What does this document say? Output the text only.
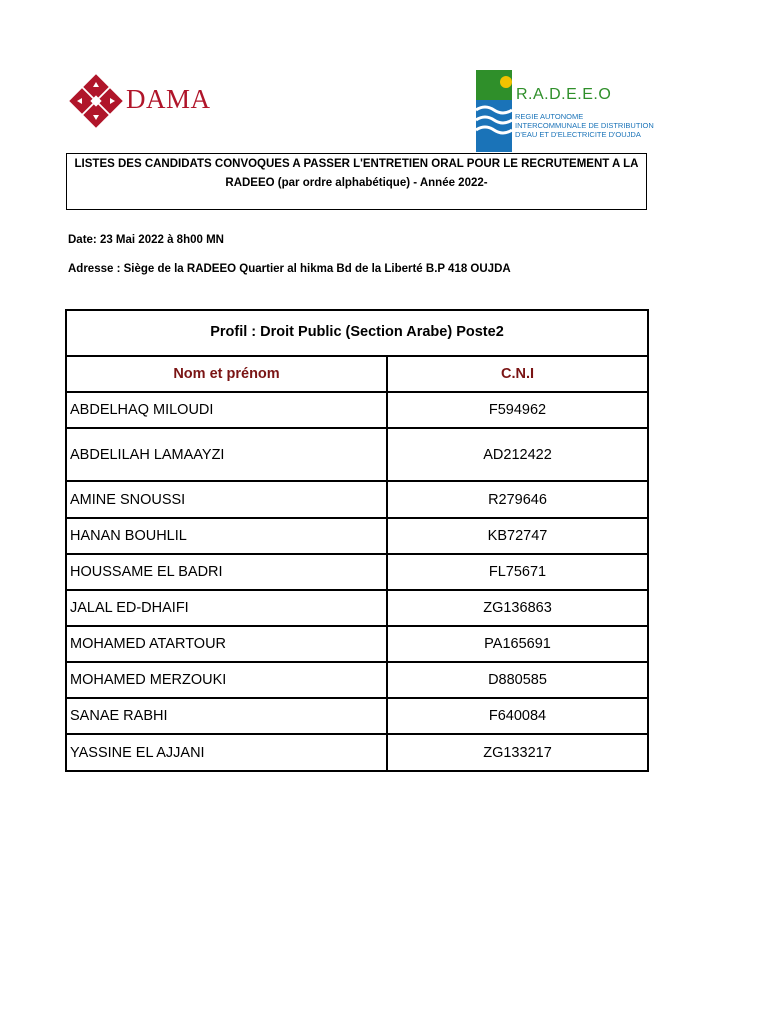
DAMA	R.A.D.E.E.O
REGIE AUTONOME INTERCOMMUNALE DE DISTRIBUTION D'EAU ET D'ELECTRICITE D'OUJDA
LISTES DES CANDIDATS CONVOQUES A PASSER L'ENTRETIEN ORAL POUR LE RECRUTEMENT A LA
RADEEO (par ordre alphabétique) - Année 2022-
Date: 23 Mai 2022 à 8h00 MN
Adresse : Siège de la RADEEO Quartier al hikma Bd de la Liberté B.P 418 OUJDA
Profil : Droit Public (Section Arabe) Poste2
Nom et prénom	C.N.I
ABDELHAQ MILOUDI	F594962
ABDELILAH LAMAAYZI	AD212422
AMINE SNOUSSI	R279646
HANAN BOUHLIL	KB72747
HOUSSAME EL BADRI	FL75671
JALAL ED-DHAIFI	ZG136863
MOHAMED ATARTOUR	PA165691
MOHAMED MERZOUKI	D880585
SANAE RABHI	F640084
YASSINE EL AJJANI	ZG133217
